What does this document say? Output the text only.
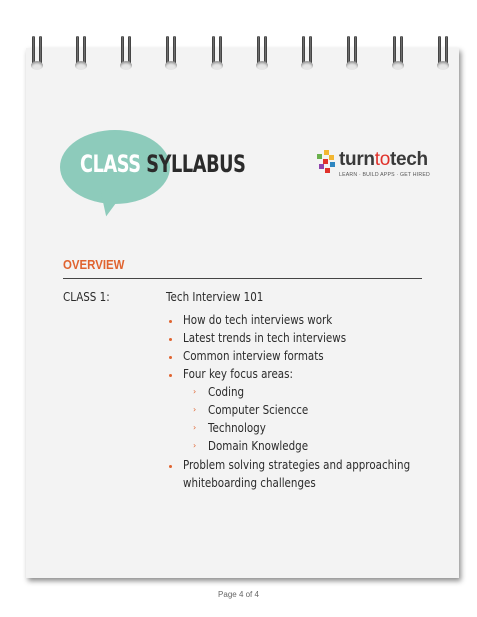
CLASS SYLLABUS	turntotech
LEARN · BUILD APPS · GET HIRED
OVERVIEW
CLASS 1:	Tech Interview 101
How do tech interviews work
Latest trends in tech interviews
Common interview formats
Four key focus areas:
› Coding
› Computer Sciencce
› Technology
› Domain Knowledge
Problem solving strategies and approaching
whiteboarding challenges
Page 4 of 4
